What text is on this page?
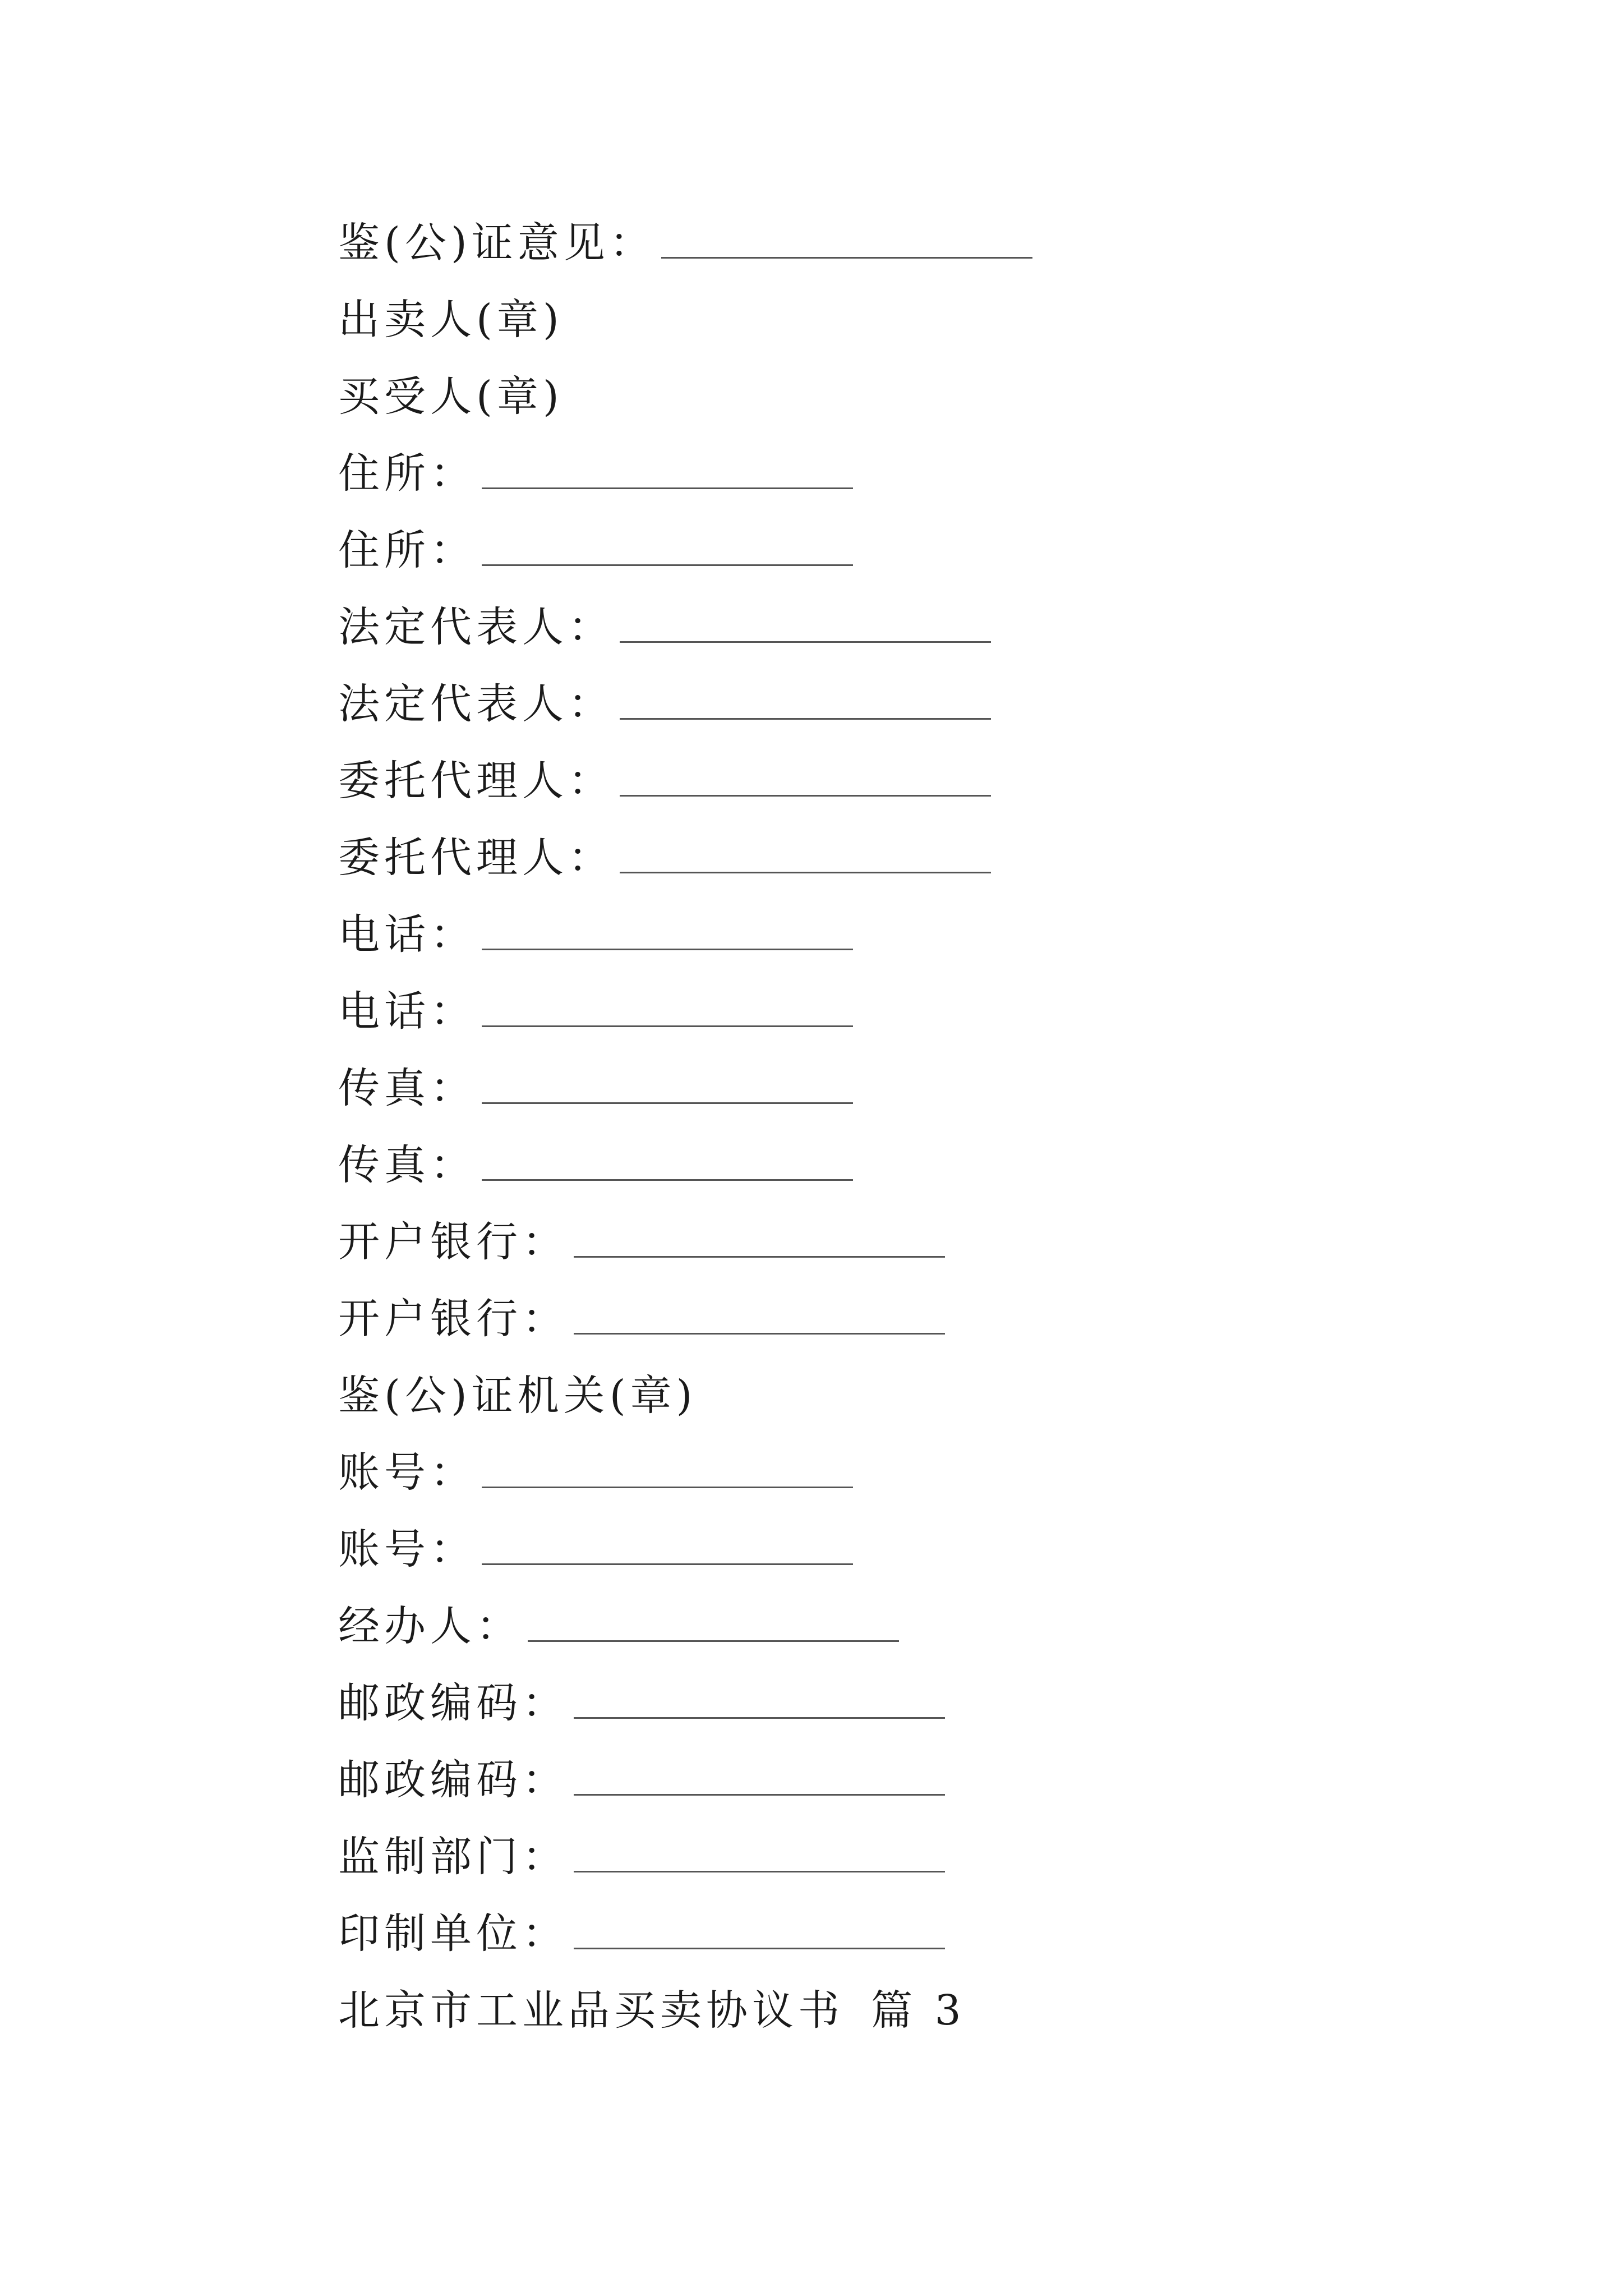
鉴(公)证意见：
出卖人(章)
买受人(章)
住所：
住所：
法定代表人：
法定代表人：
委托代理人：
委托代理人：
电话：
电话：
传真：
传真：
开户银行：
开户银行：
鉴(公)证机关(章)
账号：
账号：
经办人：
邮政编码：
邮政编码：
监制部门：
印制单位：
北京市工业品买卖协议书 篇 3
